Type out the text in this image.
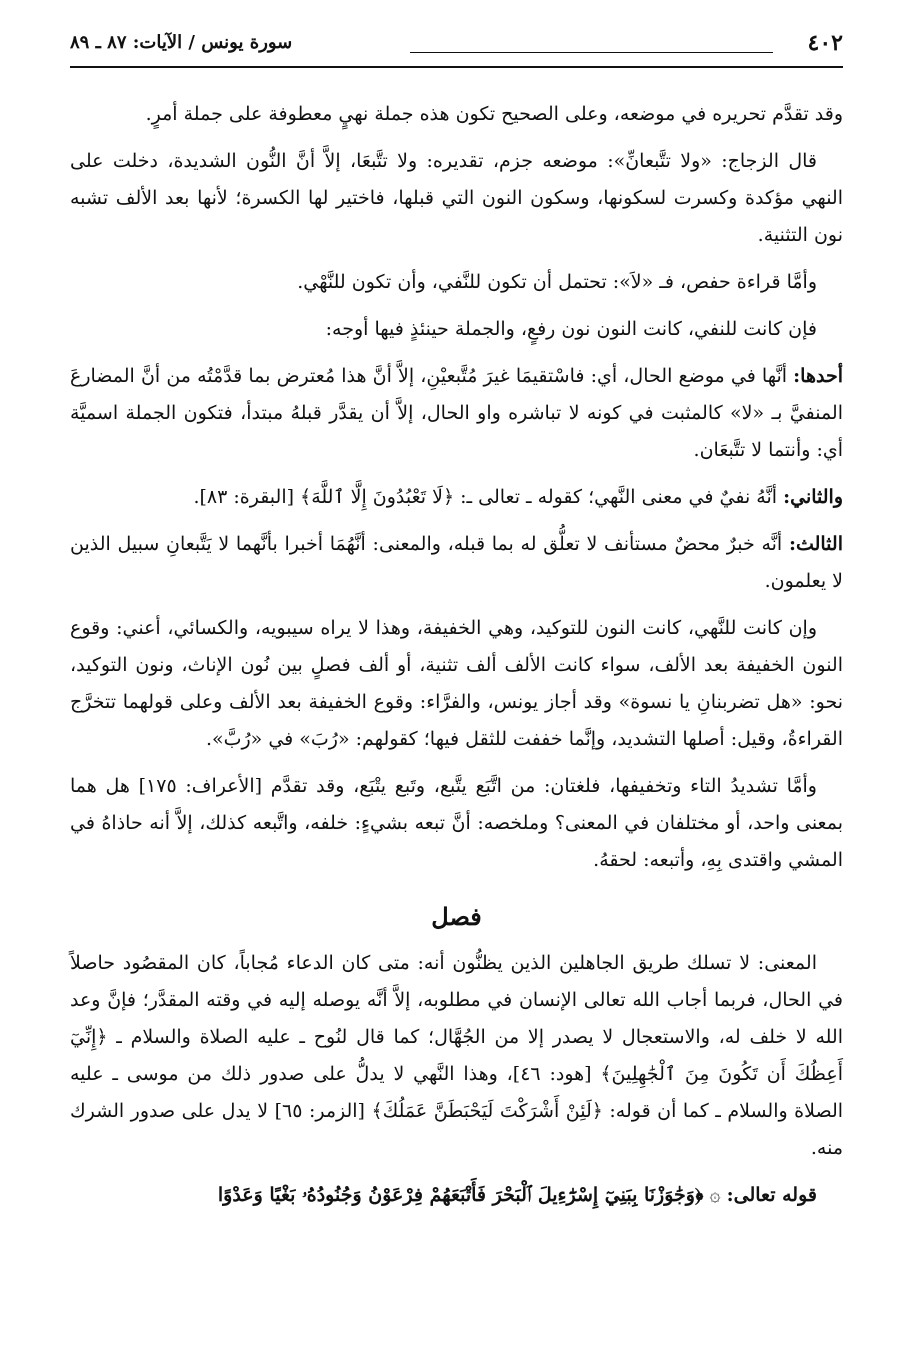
٤٠٢
سورة يونس / الآيات: ٨٧ ـ ٨٩

وقد تقدَّم تحريره في موضعه، وعلى الصحيح تكون هذه جملة نهيٍ معطوفة على جملة أمرٍ.

قال الزجاج: «ولا تتَّبعانِّ»: موضعه جزم، تقديره: ولا تتَّبعَا، إلاَّ أنَّ النُّون الشديدة، دخلت على النهي مؤكدة وكسرت لسكونها، وسكون النون التي قبلها، فاختير لها الكسرة؛ لأنها بعد الألف تشبه نون التثنية.

وأمَّا قراءة حفص، فـ «لاَ»: تحتمل أن تكون للنَّفي، وأن تكون للنَّهْي.

فإن كانت للنفي، كانت النون نون رفعٍ، والجملة حينئذٍ فيها أوجه:

أحدها: أنَّها في موضع الحال، أي: فاسْتقيمَا غيرَ مُتَّبعيْنِ، إلاَّ أنَّ هذا مُعترض بما قدَّمْتُه من أنَّ المضارعَ المنفيَّ بـ «لا» كالمثبت في كونه لا تباشره واو الحال، إلاَّ أن يقدَّر قبلهُ مبتدأ، فتكون الجملة اسميَّة أي: وأنتما لا تتَّبعَان.

والثاني: أنَّهُ نفيٌ في معنى النَّهي؛ كقوله ـ تعالى ـ: ﴿لَا تَعْبُدُونَ إِلَّا ٱللَّهَ﴾ [البقرة: ٨٣].

الثالث: أنَّه خبرٌ محضٌ مستأنف لا تعلُّق له بما قبله، والمعنى: أنَّهُمَا أخبرا بأنَّهما لا يَتَّبعانِ سبيل الذين لا يعلمون.

وإن كانت للنَّهي، كانت النون للتوكيد، وهي الخفيفة، وهذا لا يراه سيبويه، والكسائي، أعني: وقوع النون الخفيفة بعد الألف، سواء كانت الألف ألف تثنية، أو ألف فصلٍ بين نُون الإناث، ونون التوكيد، نحو: «هل تضربنانِ يا نسوة» وقد أجاز يونس، والفرَّاء: وقوع الخفيفة بعد الألف وعلى قولهما تتخرَّج القراءةُ، وقيل: أصلها التشديد، وإنَّما خففت للثقل فيها؛ كقولهم: «رُبَ» في «رُبَّ».

وأمَّا تشديدُ التاء وتخفيفها، فلغتان: من اتَّبَع يتَّبع، وتَبع يتْبَع، وقد تقدَّم [الأعراف: ١٧٥] هل هما بمعنى واحد، أو مختلفان في المعنى؟ وملخصه: أنَّ تبعه بشيءٍ: خلفه، واتَّبعه كذلك، إلاَّ أنه حاذاهُ في المشي واقتدى بِهِ، وأتبعه: لحقهُ.

فصل

المعنى: لا تسلك طريق الجاهلين الذين يظنُّون أنه: متى كان الدعاء مُجاباً، كان المقصُود حاصلاً في الحال، فربما أجاب الله تعالى الإنسان في مطلوبه، إلاَّ أنَّه يوصله إليه في وقته المقدَّر؛ فإنَّ وعد الله لا خلف له، والاستعجال لا يصدر إلا من الجُهَّال؛ كما قال لنُوح ـ عليه الصلاة والسلام ـ ﴿إِنِّيٓ أَعِظُكَ أَن تَكُونَ مِنَ ٱلْجَٰهِلِينَ﴾ [هود: ٤٦]، وهذا النَّهي لا يدلُّ على صدور ذلك من موسى ـ عليه الصلاة والسلام ـ كما أن قوله: ﴿لَئِنْ أَشْرَكْتَ لَيَحْبَطَنَّ عَمَلُكَ﴾ [الزمر: ٦٥] لا يدل على صدور الشرك منه.

قوله تعالى: ۞ ﴿وَجَٰوَزْنَا بِبَنِيٓ إِسْرَٰٓءِيلَ ٱلْبَحْرَ فَأَتْبَعَهُمْ فِرْعَوْنُ وَجُنُودُهُۥ بَغْيًا وَعَدْوًا
